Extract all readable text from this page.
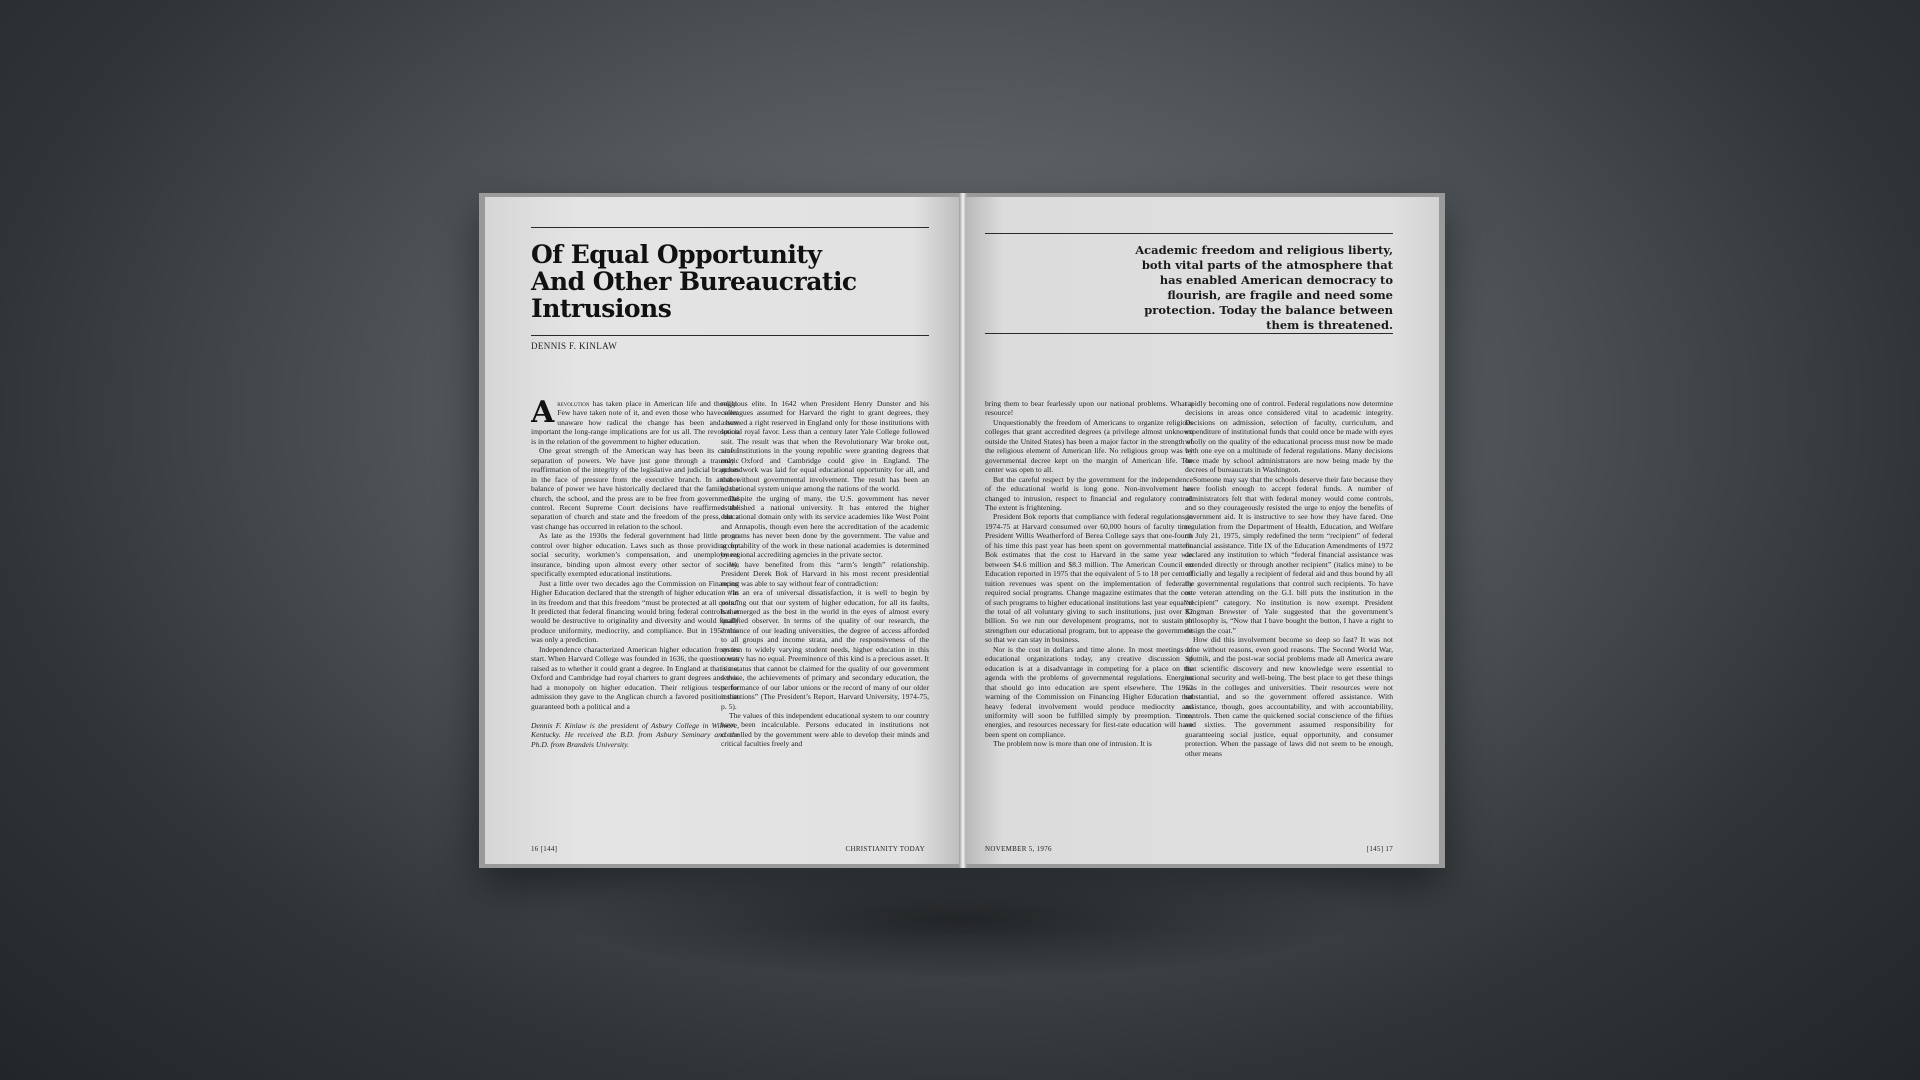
Of Equal Opportunity
And Other Bureaucratic
Intrusions
DENNIS F. KINLAW

Arevolution has taken place in American life and thought. Few have taken note of it, and even those who have seem unaware how radical the change has been and how important the long-range implications are for us all. The revolution is in the relation of the government to higher education.

One great strength of the American way has been its careful separation of powers. We have just gone through a traumatic reaffirmation of the integrity of the legislative and judicial branches in the face of pressure from the executive branch. In another balance of power we have historically declared that the family, the church, the school, and the press are to be free from governmental control. Recent Supreme Court decisions have reaffirmed the separation of church and state and the freedom of the press, but a vast change has occurred in relation to the school.

As late as the 1930s the federal government had little or no control over higher education. Laws such as those providing for social security, workmen’s compensation, and unemployment insurance, binding upon almost every other sector of society, specifically exempted educational institutions.

Just a little over two decades ago the Commission on Financing Higher Education declared that the strength of higher education was in its freedom and that this freedom “must be protected at all costs.” It predicted that federal financing would bring federal controls that would be destructive to originality and diversity and would finally produce uniformity, mediocrity, and compliance. But in 1952 this was only a prediction.

Independence characterized American higher education from its start. When Harvard College was founded in 1636, the question was raised as to whether it could grant a degree. In England at that time, Oxford and Cambridge had royal charters to grant degrees and thus had a monopoly on higher education. Their religious tests for admission they gave to the Anglican church a favored position that guaranteed both a political and a

Dennis F. Kinlaw is the president of Asbury College in Wilmore, Kentucky. He received the B.D. from Asbury Seminary and the Ph.D. from Brandeis University.

religious elite. In 1642 when President Henry Dunster and his colleagues assumed for Harvard the right to grant degrees, they assumed a right reserved in England only for those institutions with special royal favor. Less than a century later Yale College followed suit. The result was that when the Revolutionary War broke out, nine institutions in the young republic were granting degrees that only Oxford and Cambridge could give in England. The groundwork was laid for equal educational opportunity for all, and that without governmental involvement. The result has been an educational system unique among the nations of the world.

Despite the urging of many, the U.S. government has never established a national university. It has entered the higher educational domain only with its service academies like West Point and Annapolis, though even here the accreditation of the academic programs has never been done by the government. The value and acceptability of the work in these national academies is determined by regional accrediting agencies in the private sector.

We have benefited from this “arm’s length” relationship. President Derek Bok of Harvard in his most recent presidential report was able to say without fear of contradiction:

“In an era of universal dissatisfaction, it is well to begin by pointing out that our system of higher education, for all its faults, has emerged as the best in the world in the eyes of almost every qualified observer. In terms of the quality of our research, the eminence of our leading universities, the degree of access afforded to all groups and income strata, and the responsiveness of the system to widely varying student needs, higher education in this country has no equal. Preeminence of this kind is a precious asset. It is a status that cannot be claimed for the quality of our government service, the achievements of primary and secondary education, the performance of our labor unions or the record of many of our older institutions” (The President’s Report, Harvard University, 1974-75, p. 5).

The values of this independent educational system to our country have been incalculable. Persons educated in institutions not controlled by the government were able to develop their minds and critical faculties freely and

16 [144]	CHRISTIANITY TODAY
Academic freedom and religious liberty, both vital parts of the atmosphere that has enabled American democracy to flourish, are fragile and need some protection. Today the balance between them is threatened.

bring them to bear fearlessly upon our national problems. What a resource!

Unquestionably the freedom of Americans to organize religious colleges that grant accredited degrees (a privilege almost unknown outside the United States) has been a major factor in the strength of the religious element of American life. No religious group was by governmental decree kept on the margin of American life. The center was open to all.

But the careful respect by the government for the independence of the educational world is long gone. Non-involvement has changed to intrusion, respect to financial and regulatory control. The extent is frightening.

President Bok reports that compliance with federal regulations in 1974-75 at Harvard consumed over 60,000 hours of faculty time. President Willis Weatherford of Berea College says that one-fourth of his time this past year has been spent on governmental matters. Bok estimates that the cost to Harvard in the same year was between $4.6 million and $8.3 million. The American Council on Education reported in 1975 that the equivalent of 5 to 18 per cent of tuition revenues was spent on the implementation of federally required social programs. Change magazine estimates that the cost of such programs to higher educational institutions last year equaled the total of all voluntary giving to such institutions, just over $2 billion. So we run our development programs, not to sustain or strengthen our educational program, but to appease the government so that we can stay in business.

Nor is the cost in dollars and time alone. In most meetings of educational organizations today, any creative discussion of education is at a disadvantage in competing for a place on the agenda with the problems of governmental regulations. Energies that should go into education are spent elsewhere. The 1952 warning of the Commission on Financing Higher Education that heavy federal involvement would produce mediocrity and uniformity will soon be fulfilled simply by preemption. Time, energies, and resources necessary for first-rate education will have been spent on compliance.

The problem now is more than one of intrusion. It is

rapidly becoming one of control. Federal regulations now determine decisions in areas once considered vital to academic integrity. Decisions on admission, selection of faculty, curriculum, and expenditure of institutional funds that could once be made with eyes wholly on the quality of the educational process must now be made with one eye on a multitude of federal regulations. Many decisions once made by school administrators are now being made by the decrees of bureaucrats in Washington.

Someone may say that the schools deserve their fate because they were foolish enough to accept federal funds. A number of administrators felt that with federal money would come controls, and so they courageously resisted the urge to enjoy the benefits of government aid. It is instructive to see how they have fared. One regulation from the Department of Health, Education, and Welfare on July 21, 1975, simply redefined the term “recipient” of federal financial assistance. Title IX of the Education Amendments of 1972 declared any institution to which “federal financial assistance was extended directly or through another recipient” (italics mine) to be officially and legally a recipient of federal aid and thus bound by all the governmental regulations that control such recipients. To have one veteran attending on the G.I. bill puts the institution in the “recipient” category. No institution is now exempt. President Kingman Brewster of Yale suggested that the government’s philosophy is, “Now that I have bought the button, I have a right to design the coat.”

How did this involvement become so deep so fast? It was not done without reasons, even good reasons. The Second World War, Sputnik, and the post-war social problems made all America aware that scientific discovery and new knowledge were essential to national security and well-being. The best place to get these things was in the colleges and universities. Their resources were not substantial, and so the government offered assistance. With assistance, though, goes accountability, and with accountability, controls. Then came the quickened social conscience of the fifties and sixties. The government assumed responsibility for guaranteeing social justice, equal opportunity, and consumer protection. When the passage of laws did not seem to be enough, other means

NOVEMBER 5, 1976	[145] 17
